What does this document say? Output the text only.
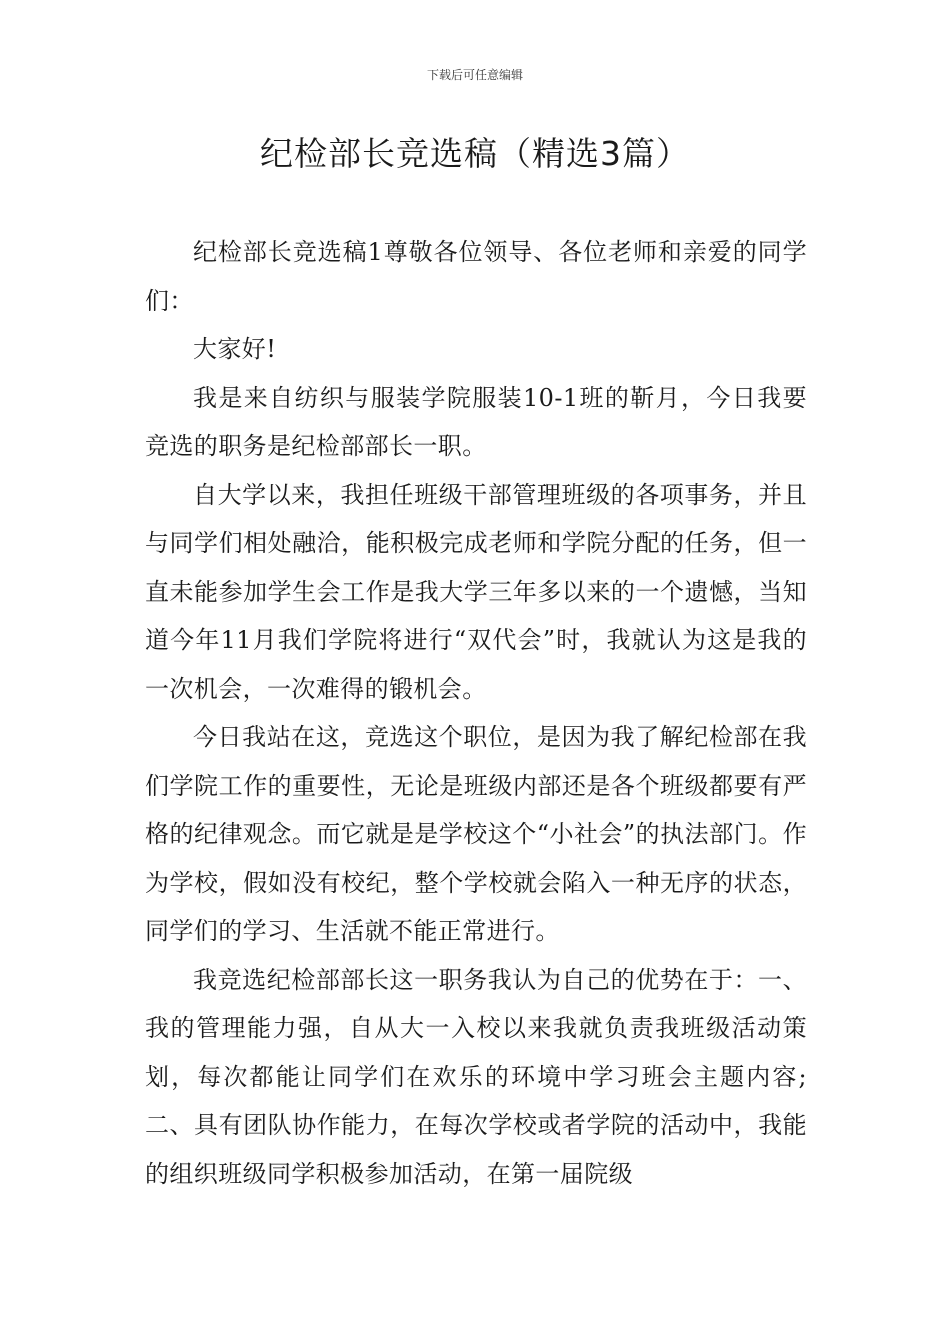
下载后可任意编辑
纪检部长竞选稿（精选3篇）

纪检部长竞选稿1尊敬各位领导、各位老师和亲爱的同学们：

大家好!

我是来自纺织与服装学院服装10-1班的靳月，今日我要竞选的职务是纪检部部长一职。

自大学以来，我担任班级干部管理班级的各项事务，并且与同学们相处融洽，能积极完成老师和学院分配的任务，但一直未能参加学生会工作是我大学三年多以来的一个遗憾，当知道今年11月我们学院将进行“双代会”时，我就认为这是我的一次机会，一次难得的锻机会。

今日我站在这，竞选这个职位，是因为我了解纪检部在我们学院工作的重要性，无论是班级内部还是各个班级都要有严格的纪律观念。而它就是是学校这个“小社会”的执法部门。作为学校，假如没有校纪，整个学校就会陷入一种无序的状态，同学们的学习、生活就不能正常进行。

我竞选纪检部部长这一职务我认为自己的优势在于：一、我的管理能力强，自从大一入校以来我就负责我班级活动策划，每次都能让同学们在欢乐的环境中学习班会主题内容;二、具有团队协作能力，在每次学校或者学院的活动中，我能的组织班级同学积极参加活动，在第一届院级
